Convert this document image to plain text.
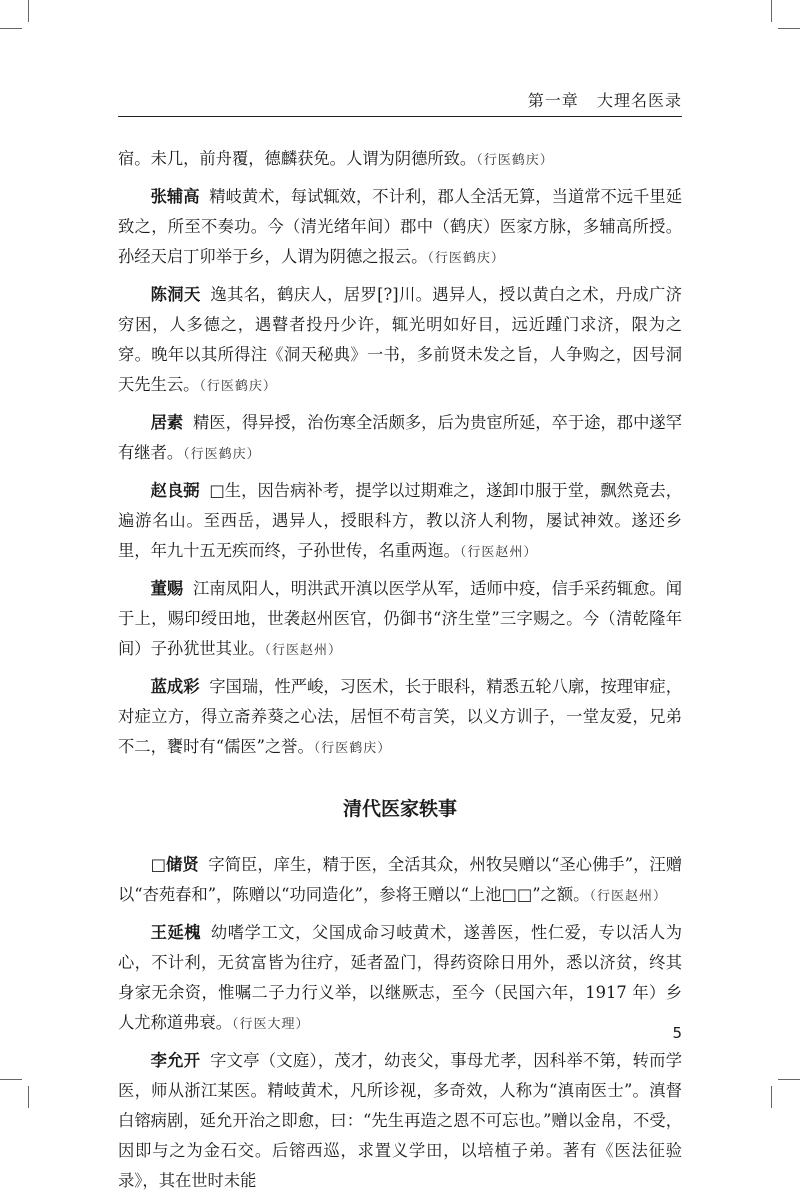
第一章 大理名医录

宿。未几，前舟覆，德麟获免。人谓为阴德所致。（行医鹤庆）

张辅高 精岐黄术，每试辄效，不计利，郡人全活无算，当道常不远千里延致之，所至不奏功。今（清光绪年间）郡中（鹤庆）医家方脉，多辅高所授。孙经天启丁卯举于乡，人谓为阴德之报云。（行医鹤庆）

陈洞天 逸其名，鹤庆人，居罗[?]川。遇异人，授以黄白之术，丹成广济穷困，人多德之，遇瞽者投丹少许，辄光明如好目，远近踵门求济，限为之穿。晚年以其所得注《洞天秘典》一书，多前贤未发之旨，人争购之，因号洞天先生云。（行医鹤庆）

居素 精医，得异授，治伤寒全活颇多，后为贵宦所延，卒于途，郡中遂罕有继者。（行医鹤庆）

赵良弼 □生，因告病补考，提学以过期难之，遂卸巾服于堂，飘然竟去，遍游名山。至西岳，遇异人，授眼科方，教以济人利物，屡试神效。遂还乡里，年九十五无疾而终，子孙世传，名重两迤。（行医赵州）

董赐 江南凤阳人，明洪武开滇以医学从军，适师中疫，信手采药辄愈。闻于上，赐印绶田地，世袭赵州医官，仍御书“济生堂”三字赐之。今（清乾隆年间）子孙犹世其业。（行医赵州）

蓝成彩 字国瑞，性严峻，习医术，长于眼科，精悉五轮八廓，按理审症，对症立方，得立斋养葵之心法，居恒不苟言笑，以义方训子，一堂友爱，兄弟不二，饔时有“儒医”之誉。（行医鹤庆）

清代医家轶事

□储贤 字简臣，庠生，精于医，全活其众，州牧吴赠以“圣心佛手”，汪赠以“杏苑春和”，陈赠以“功同造化”，参将王赠以“上池□□”之额。（行医赵州）

王延槐 幼嗜学工文，父国成命习岐黄术，遂善医，性仁爱，专以活人为心，不计利，无贫富皆为往疗，延者盈门，得药资除日用外，悉以济贫，终其身家无余资，惟嘱二子力行义举，以继厥志，至今（民国六年，1917 年）乡人尤称道弗衰。（行医大理）

李允开 字文亭（文庭），茂才，幼丧父，事母尤孝，因科举不第，转而学医，师从浙江某医。精岐黄术，凡所诊视，多奇效，人称为“滇南医士”。滇督白镕病剧，延允开治之即愈，曰：“先生再造之恩不可忘也。”赠以金帛，不受，因即与之为金石交。后镕西巡，求置义学田，以培植子弟。著有《医法征验录》，其在世时未能

5
